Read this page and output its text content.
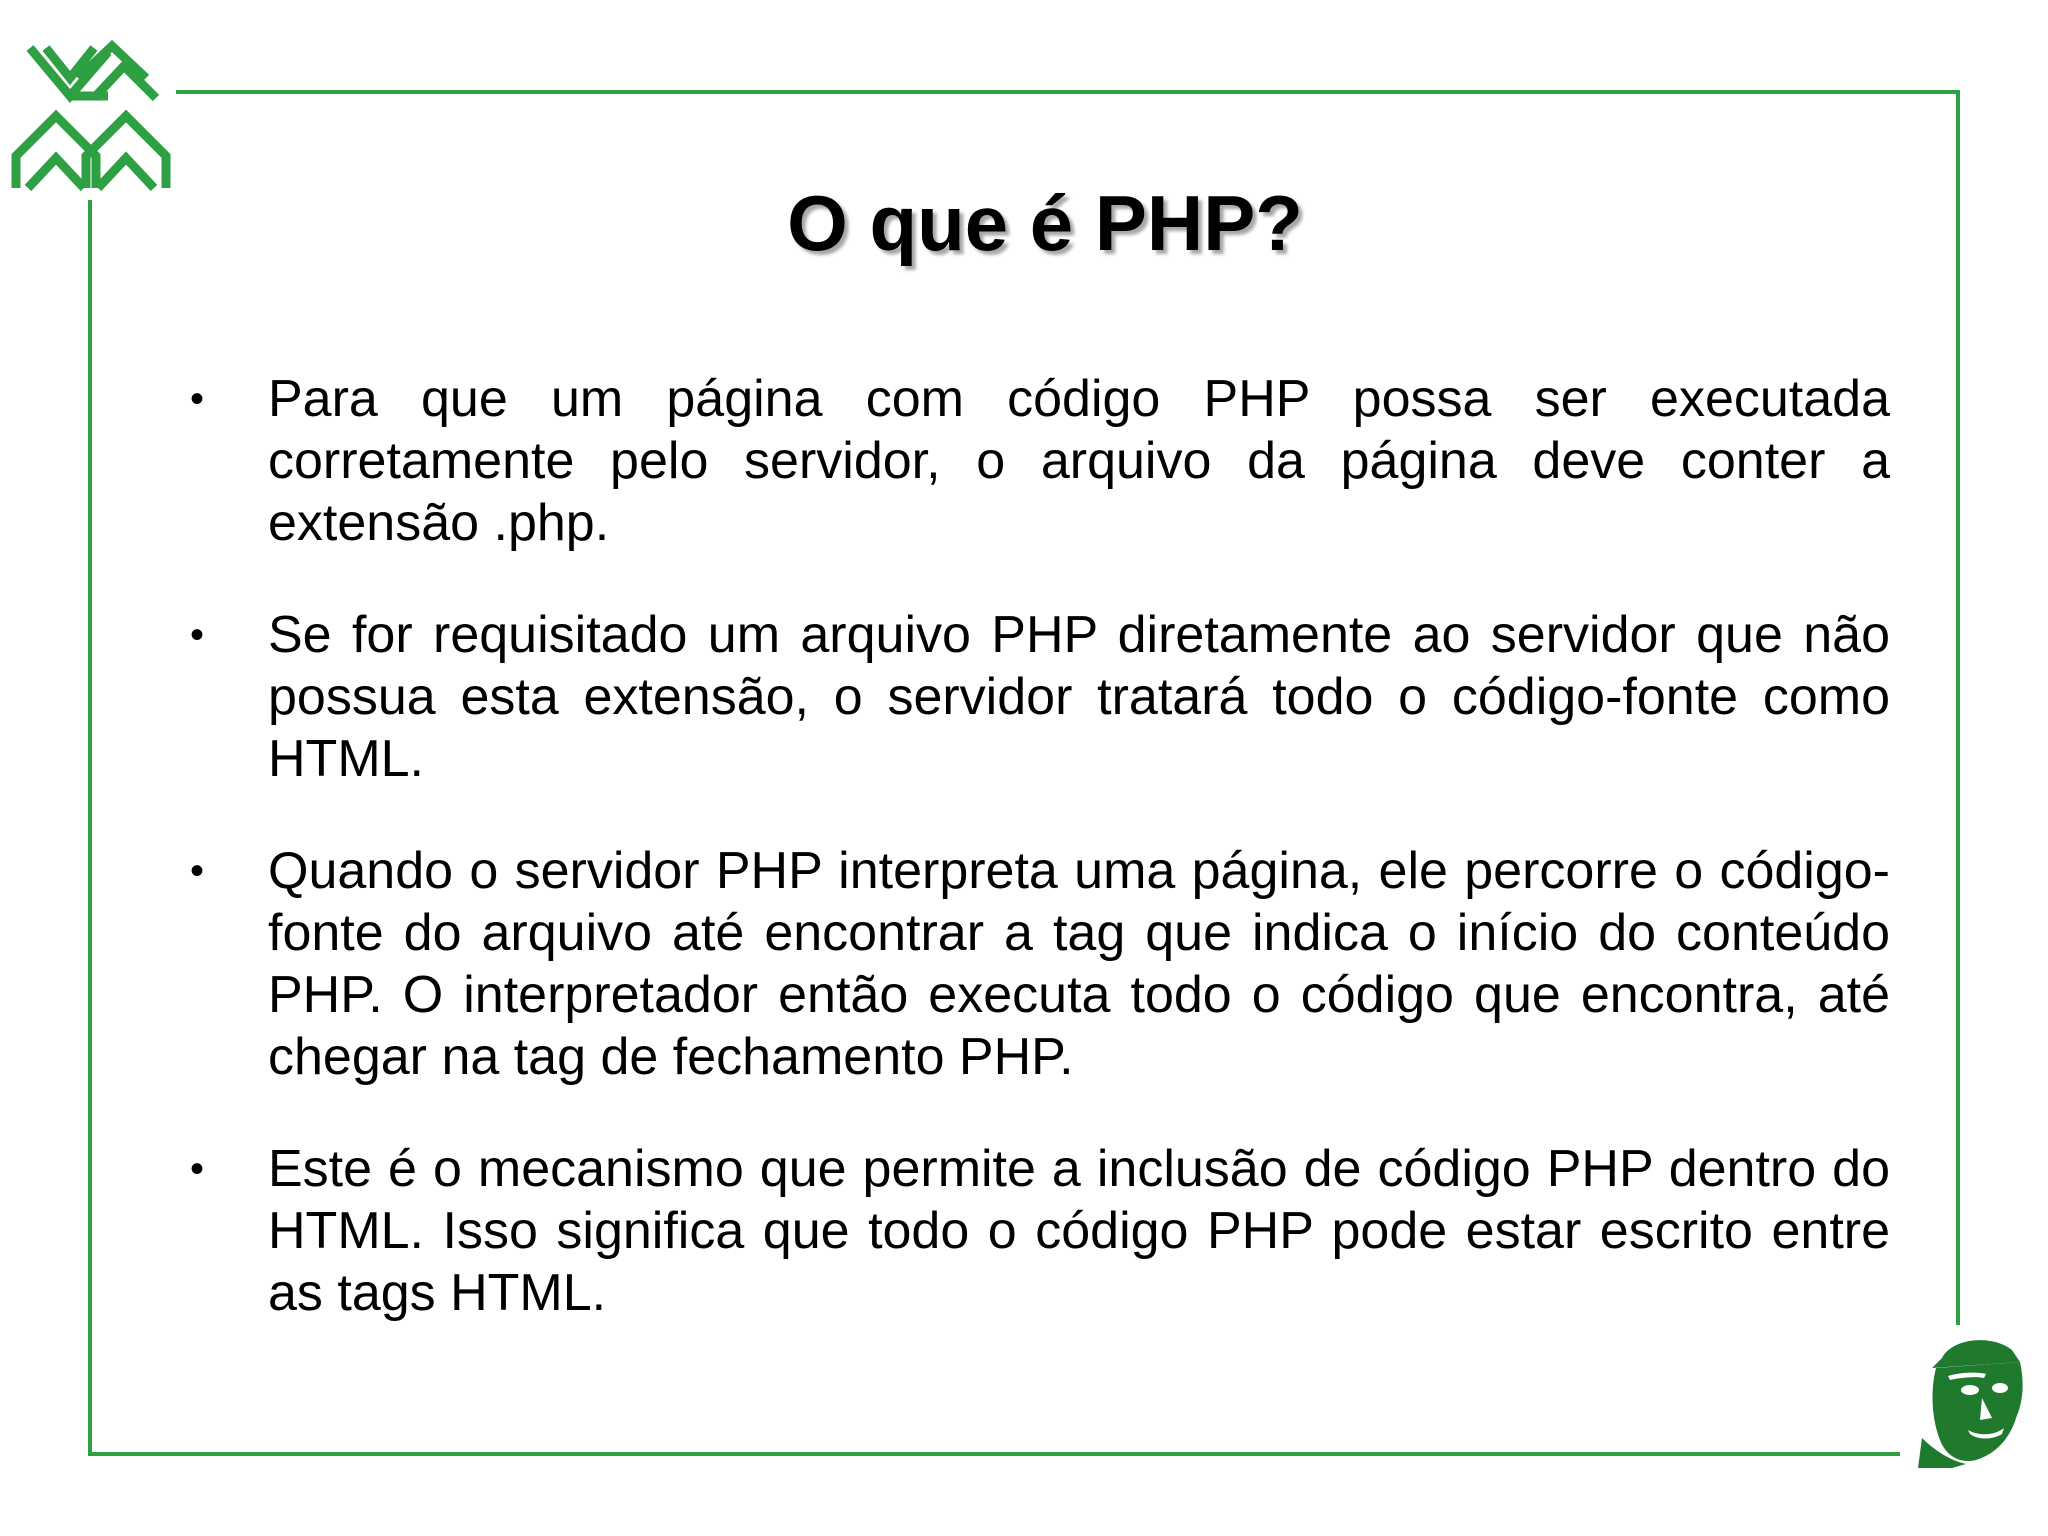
O que é PHP?
• Para que um página com código PHP possa ser executada corretamente pelo servidor, o arquivo da página deve conter a extensão .php.
• Se for requisitado um arquivo PHP diretamente ao servidor que não possua esta extensão, o servidor tratará todo o código-fonte como HTML.
• Quando o servidor PHP interpreta uma página, ele percorre o código-fonte do arquivo até encontrar a tag que indica o início do conteúdo PHP. O interpretador então executa todo o código que encontra, até chegar na tag de fechamento PHP.
• Este é o mecanismo que permite a inclusão de código PHP dentro do HTML. Isso significa que todo o código PHP pode estar escrito entre as tags HTML.
